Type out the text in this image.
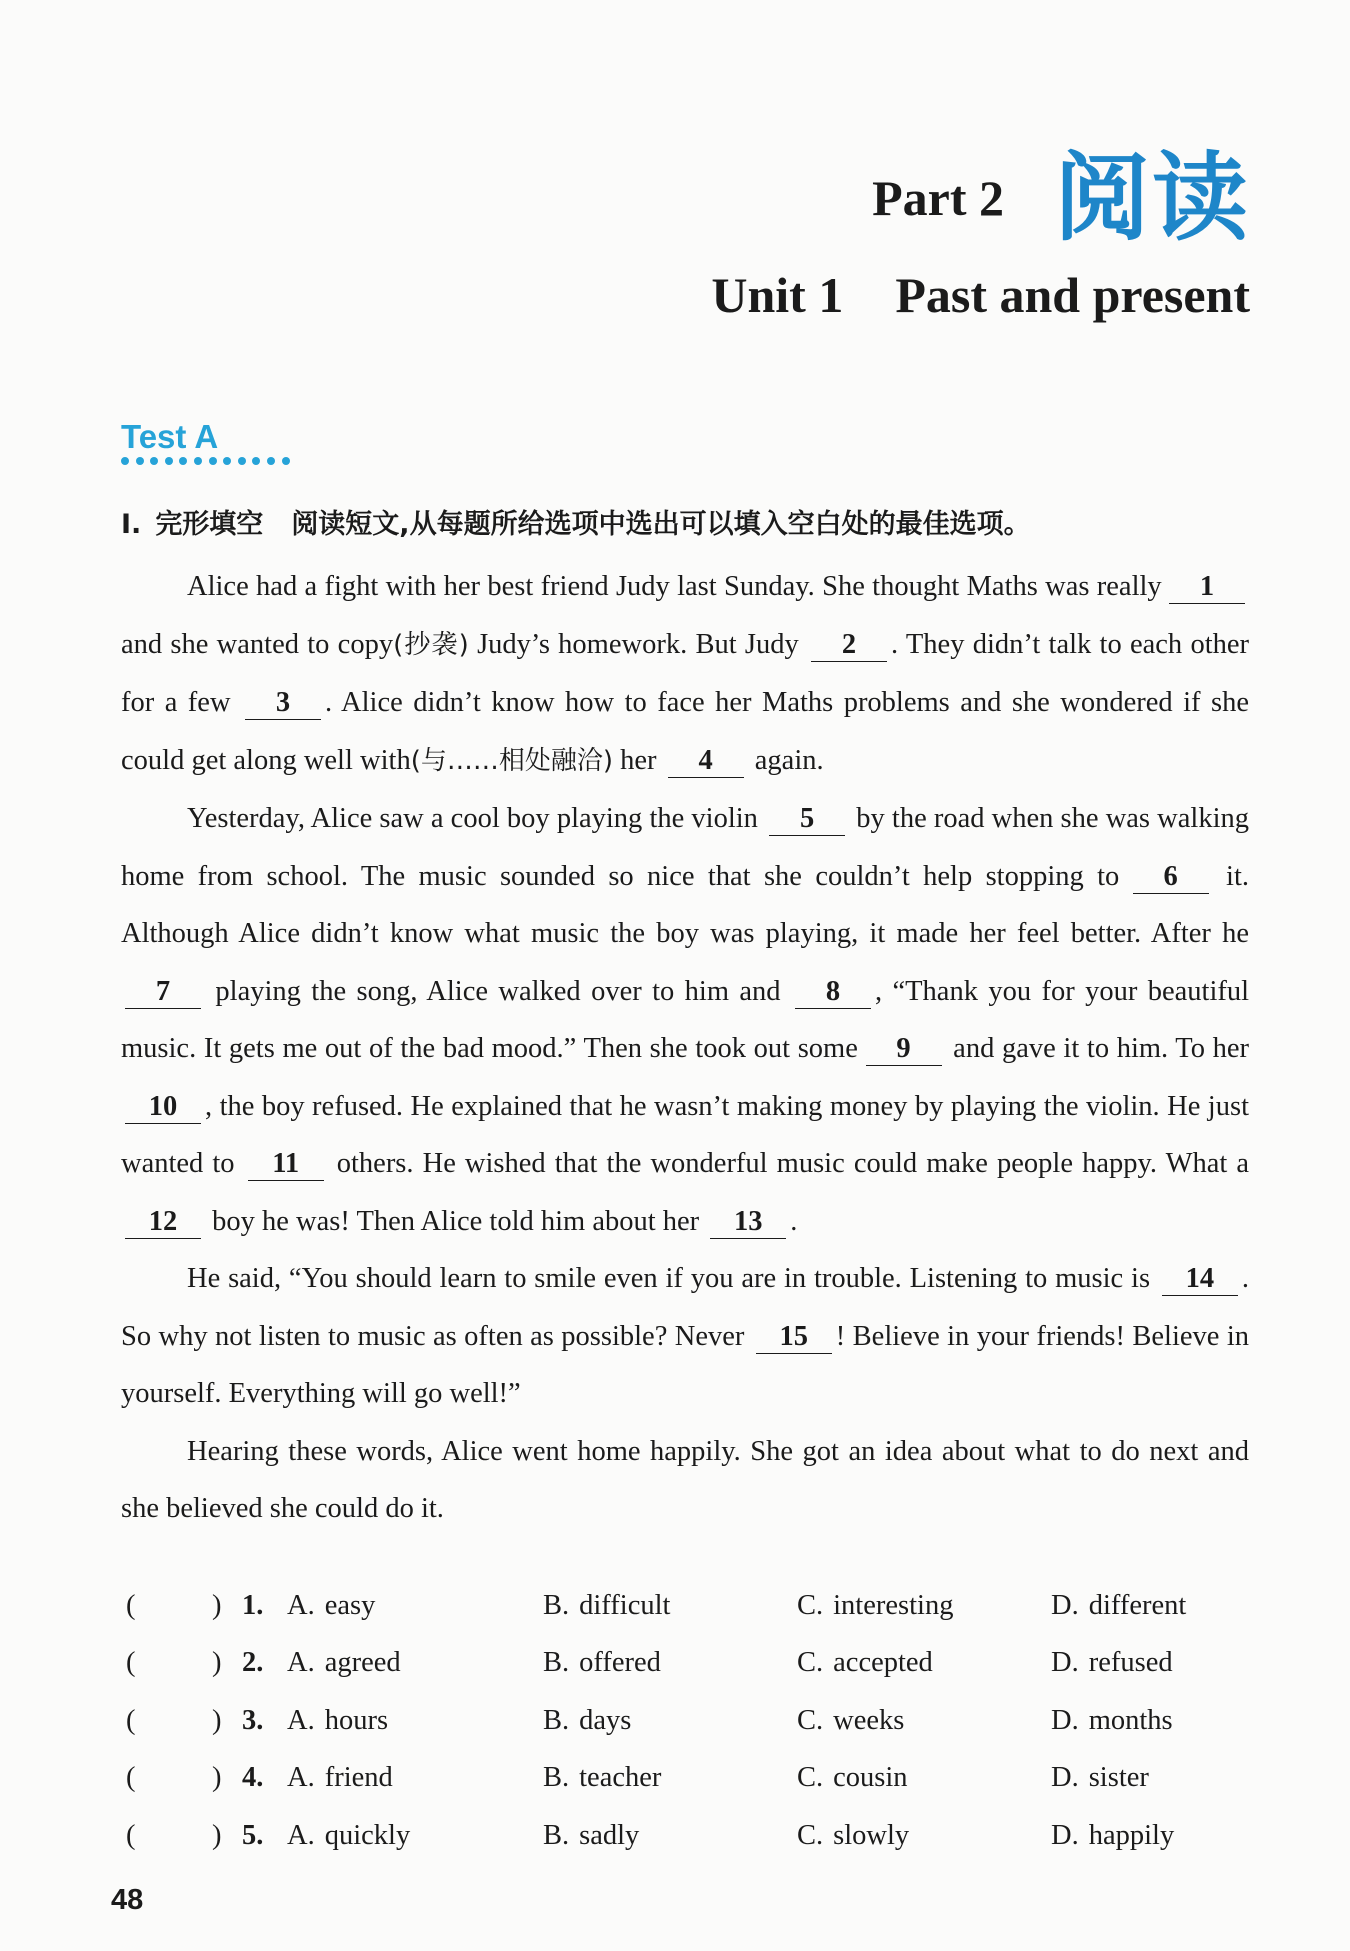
Part 2 阅读
Unit 1 Past and present
Test A
Ⅰ. 完形填空 阅读短文,从每题所给选项中选出可以填入空白处的最佳选项。

Alice had a fight with her best friend Judy last Sunday. She thought Maths was really 1 and she wanted to copy(抄袭) Judy’s homework. But Judy 2 . They didn’t talk to each other for a few 3 . Alice didn’t know how to face her Maths problems and she wondered if she could get along well with(与……相处融洽) her 4 again.

Yesterday, Alice saw a cool boy playing the violin 5 by the road when she was walking home from school. The music sounded so nice that she couldn’t help stopping to 6 it. Although Alice didn’t know what music the boy was playing, it made her feel better. After he 7 playing the song, Alice walked over to him and 8 , “Thank you for your beautiful music. It gets me out of the bad mood.” Then she took out some 9 and gave it to him. To her 10 , the boy refused. He explained that he wasn’t making money by playing the violin. He just wanted to 11 others. He wished that the wonderful music could make people happy. What a 12 boy he was! Then Alice told him about her 13 .

He said, “You should learn to smile even if you are in trouble. Listening to music is 14 . So why not listen to music as often as possible? Never 15 ! Believe in your friends! Believe in yourself. Everything will go well!”

Hearing these words, Alice went home happily. She got an idea about what to do next and she believed she could do it.

(	) 1. A. easy	B. difficult	C. interesting	D. different
(	) 2. A. agreed	B. offered	C. accepted	D. refused
(	) 3. A. hours	B. days	C. weeks	D. months
(	) 4. A. friend	B. teacher	C. cousin	D. sister
(	) 5. A. quickly	B. sadly	C. slowly	D. happily
48
